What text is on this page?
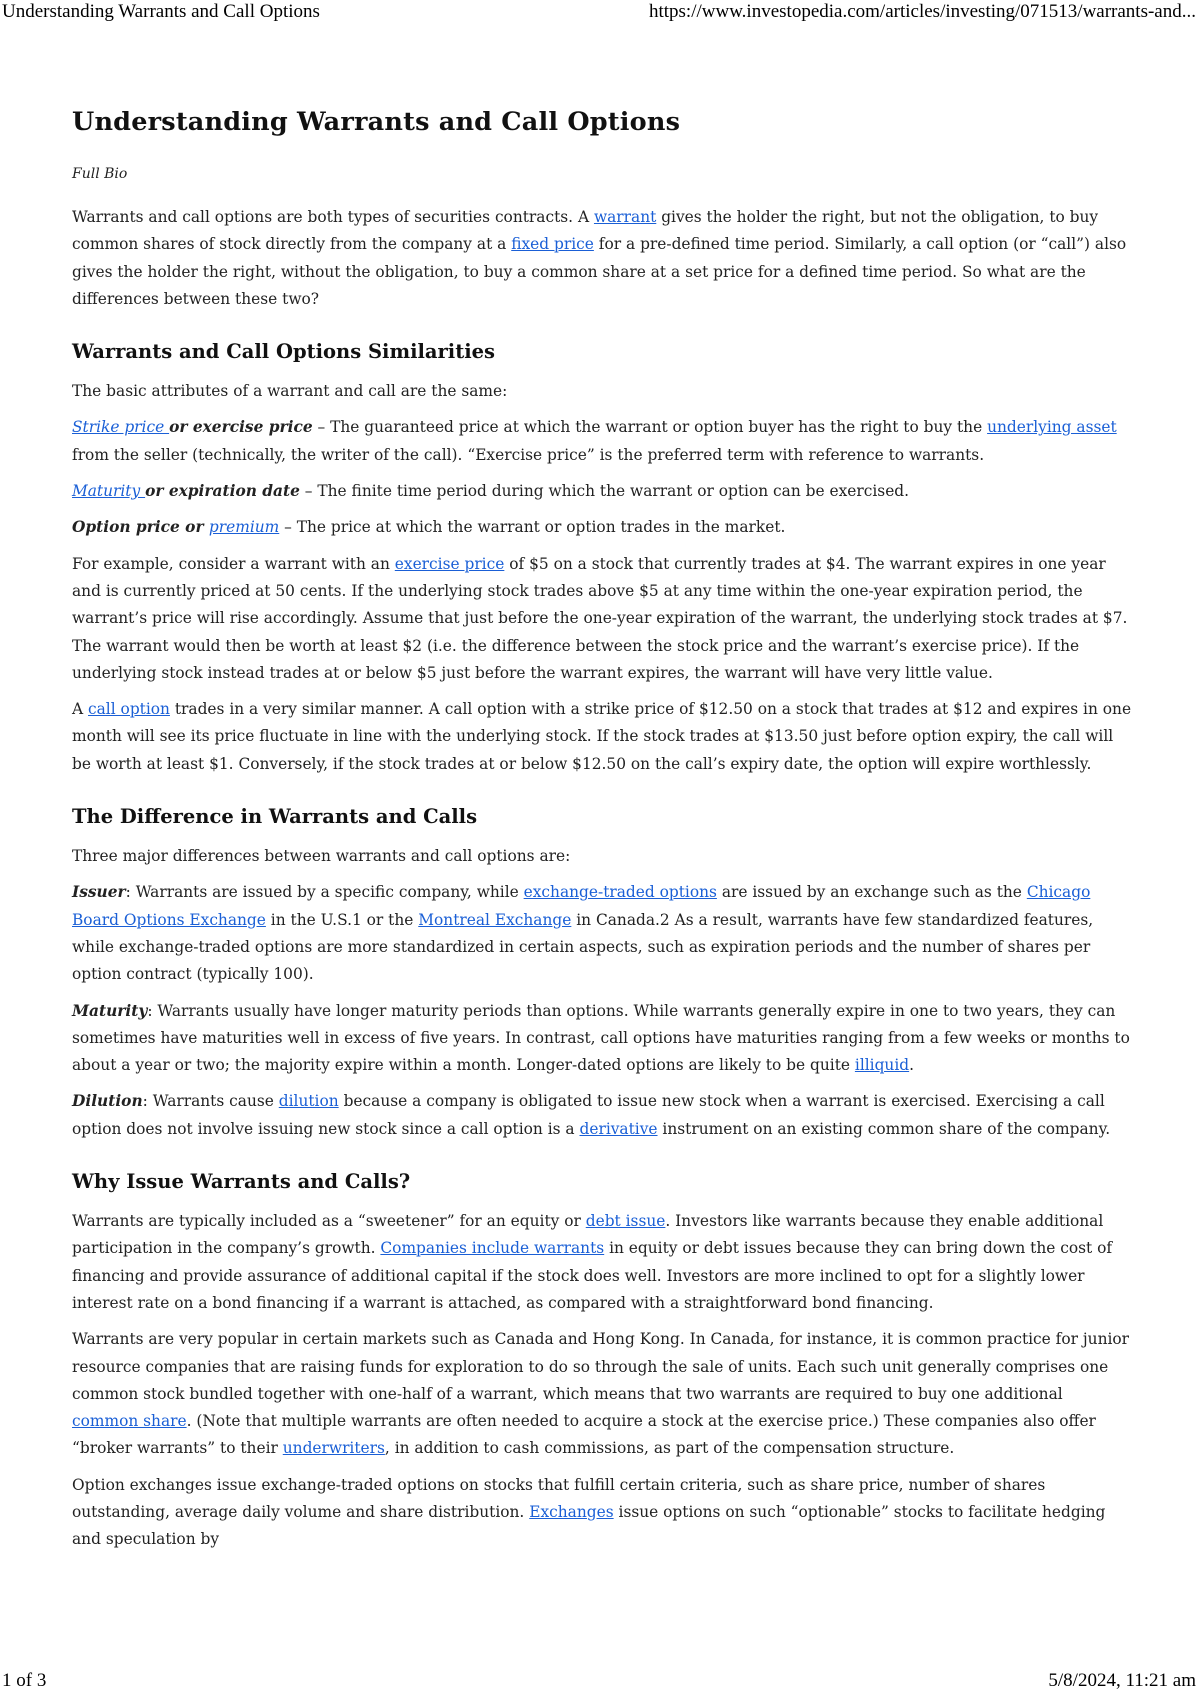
Understanding Warrants and Call Options	https://www.investopedia.com/articles/investing/071513/warrants-and...
Understanding Warrants and Call Options
Full Bio

Warrants and call options are both types of securities contracts. A warrant gives the holder the right, but not the obligation, to buy common shares of stock directly from the company at a fixed price for a pre-defined time period. Similarly, a call option (or “call”) also gives the holder the right, without the obligation, to buy a common share at a set price for a defined time period. So what are the differences between these two?

Warrants and Call Options Similarities

The basic attributes of a warrant and call are the same:

Strike price or exercise price – The guaranteed price at which the warrant or option buyer has the right to buy the underlying asset from the seller (technically, the writer of the call). “Exercise price” is the preferred term with reference to warrants.

Maturity or expiration date – The finite time period during which the warrant or option can be exercised.

Option price or premium – The price at which the warrant or option trades in the market.

For example, consider a warrant with an exercise price of $5 on a stock that currently trades at $4. The warrant expires in one year and is currently priced at 50 cents. If the underlying stock trades above $5 at any time within the one-year expiration period, the warrant’s price will rise accordingly. Assume that just before the one-year expiration of the warrant, the underlying stock trades at $7. The warrant would then be worth at least $2 (i.e. the difference between the stock price and the warrant’s exercise price). If the underlying stock instead trades at or below $5 just before the warrant expires, the warrant will have very little value.

A call option trades in a very similar manner. A call option with a strike price of $12.50 on a stock that trades at $12 and expires in one month will see its price fluctuate in line with the underlying stock. If the stock trades at $13.50 just before option expiry, the call will be worth at least $1. Conversely, if the stock trades at or below $12.50 on the call’s expiry date, the option will expire worthlessly.

The Difference in Warrants and Calls

Three major differences between warrants and call options are:

Issuer: Warrants are issued by a specific company, while exchange-traded options are issued by an exchange such as the Chicago Board Options Exchange in the U.S.1 or the Montreal Exchange in Canada.2 As a result, warrants have few standardized features, while exchange-traded options are more standardized in certain aspects, such as expiration periods and the number of shares per option contract (typically 100).

Maturity: Warrants usually have longer maturity periods than options. While warrants generally expire in one to two years, they can sometimes have maturities well in excess of five years. In contrast, call options have maturities ranging from a few weeks or months to about a year or two; the majority expire within a month. Longer-dated options are likely to be quite illiquid.

Dilution: Warrants cause dilution because a company is obligated to issue new stock when a warrant is exercised. Exercising a call option does not involve issuing new stock since a call option is a derivative instrument on an existing common share of the company.

Why Issue Warrants and Calls?

Warrants are typically included as a “sweetener” for an equity or debt issue. Investors like warrants because they enable additional participation in the company’s growth. Companies include warrants in equity or debt issues because they can bring down the cost of financing and provide assurance of additional capital if the stock does well. Investors are more inclined to opt for a slightly lower interest rate on a bond financing if a warrant is attached, as compared with a straightforward bond financing.

Warrants are very popular in certain markets such as Canada and Hong Kong. In Canada, for instance, it is common practice for junior resource companies that are raising funds for exploration to do so through the sale of units. Each such unit generally comprises one common stock bundled together with one-half of a warrant, which means that two warrants are required to buy one additional common share. (Note that multiple warrants are often needed to acquire a stock at the exercise price.) These companies also offer “broker warrants” to their underwriters, in addition to cash commissions, as part of the compensation structure.

Option exchanges issue exchange-traded options on stocks that fulfill certain criteria, such as share price, number of shares outstanding, average daily volume and share distribution. Exchanges issue options on such “optionable” stocks to facilitate hedging and speculation by

1 of 3	5/8/2024, 11:21 am
